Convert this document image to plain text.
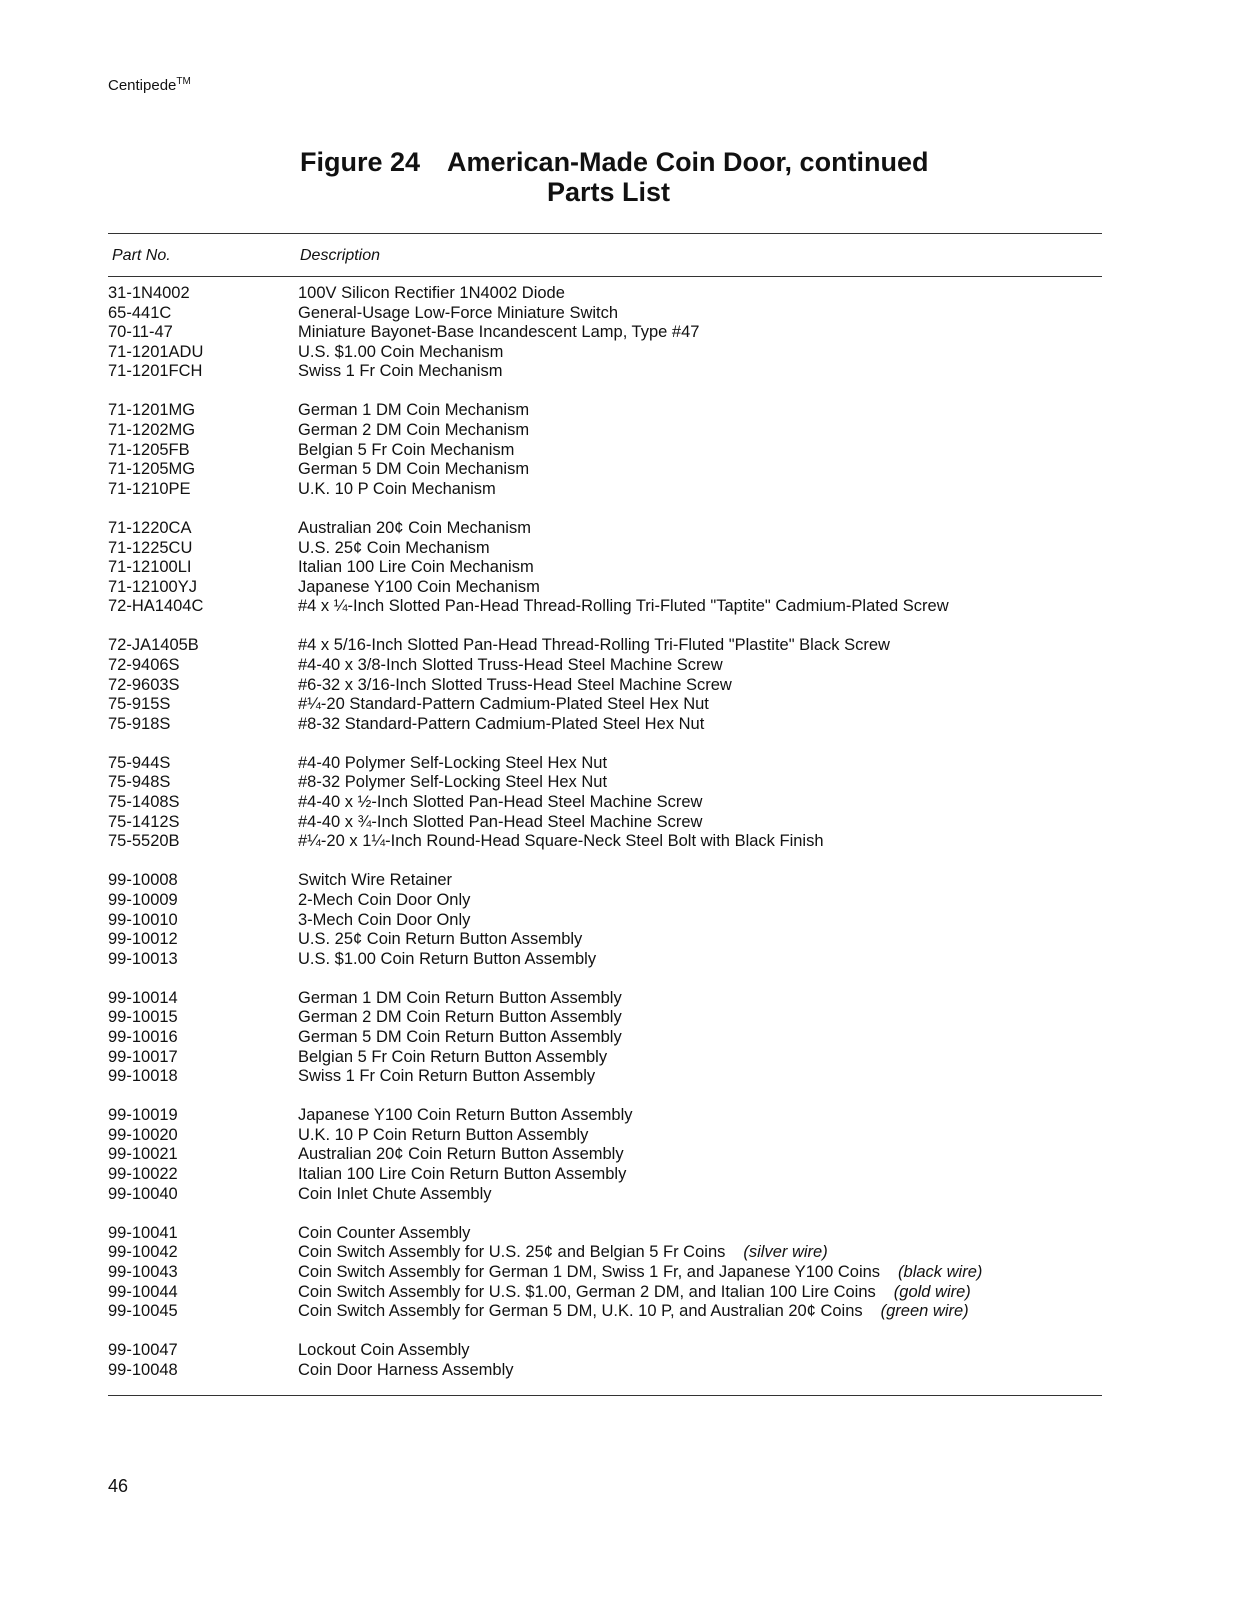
Centipede™
Figure 24 American-Made Coin Door, continued
Parts List
Part No.	Description
31-1N4002	100V Silicon Rectifier 1N4002 Diode
65-441C	General-Usage Low-Force Miniature Switch
70-11-47	Miniature Bayonet-Base Incandescent Lamp, Type #47
71-1201ADU	U.S. $1.00 Coin Mechanism
71-1201FCH	Swiss 1 Fr Coin Mechanism
71-1201MG	German 1 DM Coin Mechanism
71-1202MG	German 2 DM Coin Mechanism
71-1205FB	Belgian 5 Fr Coin Mechanism
71-1205MG	German 5 DM Coin Mechanism
71-1210PE	U.K. 10 P Coin Mechanism
71-1220CA	Australian 20¢ Coin Mechanism
71-1225CU	U.S. 25¢ Coin Mechanism
71-12100LI	Italian 100 Lire Coin Mechanism
71-12100YJ	Japanese Y100 Coin Mechanism
72-HA1404C	#4 x ¼-Inch Slotted Pan-Head Thread-Rolling Tri-Fluted "Taptite" Cadmium-Plated Screw
72-JA1405B	#4 x 5/16-Inch Slotted Pan-Head Thread-Rolling Tri-Fluted "Plastite" Black Screw
72-9406S	#4-40 x 3/8-Inch Slotted Truss-Head Steel Machine Screw
72-9603S	#6-32 x 3/16-Inch Slotted Truss-Head Steel Machine Screw
75-915S	#¼-20 Standard-Pattern Cadmium-Plated Steel Hex Nut
75-918S	#8-32 Standard-Pattern Cadmium-Plated Steel Hex Nut
75-944S	#4-40 Polymer Self-Locking Steel Hex Nut
75-948S	#8-32 Polymer Self-Locking Steel Hex Nut
75-1408S	#4-40 x ½-Inch Slotted Pan-Head Steel Machine Screw
75-1412S	#4-40 x ¾-Inch Slotted Pan-Head Steel Machine Screw
75-5520B	#¼-20 x 1¼-Inch Round-Head Square-Neck Steel Bolt with Black Finish
99-10008	Switch Wire Retainer
99-10009	2-Mech Coin Door Only
99-10010	3-Mech Coin Door Only
99-10012	U.S. 25¢ Coin Return Button Assembly
99-10013	U.S. $1.00 Coin Return Button Assembly
99-10014	German 1 DM Coin Return Button Assembly
99-10015	German 2 DM Coin Return Button Assembly
99-10016	German 5 DM Coin Return Button Assembly
99-10017	Belgian 5 Fr Coin Return Button Assembly
99-10018	Swiss 1 Fr Coin Return Button Assembly
99-10019	Japanese Y100 Coin Return Button Assembly
99-10020	U.K. 10 P Coin Return Button Assembly
99-10021	Australian 20¢ Coin Return Button Assembly
99-10022	Italian 100 Lire Coin Return Button Assembly
99-10040	Coin Inlet Chute Assembly
99-10041	Coin Counter Assembly
99-10042	Coin Switch Assembly for U.S. 25¢ and Belgian 5 Fr Coins (silver wire)
99-10043	Coin Switch Assembly for German 1 DM, Swiss 1 Fr, and Japanese Y100 Coins (black wire)
99-10044	Coin Switch Assembly for U.S. $1.00, German 2 DM, and Italian 100 Lire Coins (gold wire)
99-10045	Coin Switch Assembly for German 5 DM, U.K. 10 P, and Australian 20¢ Coins (green wire)
99-10047	Lockout Coin Assembly
99-10048	Coin Door Harness Assembly
46
